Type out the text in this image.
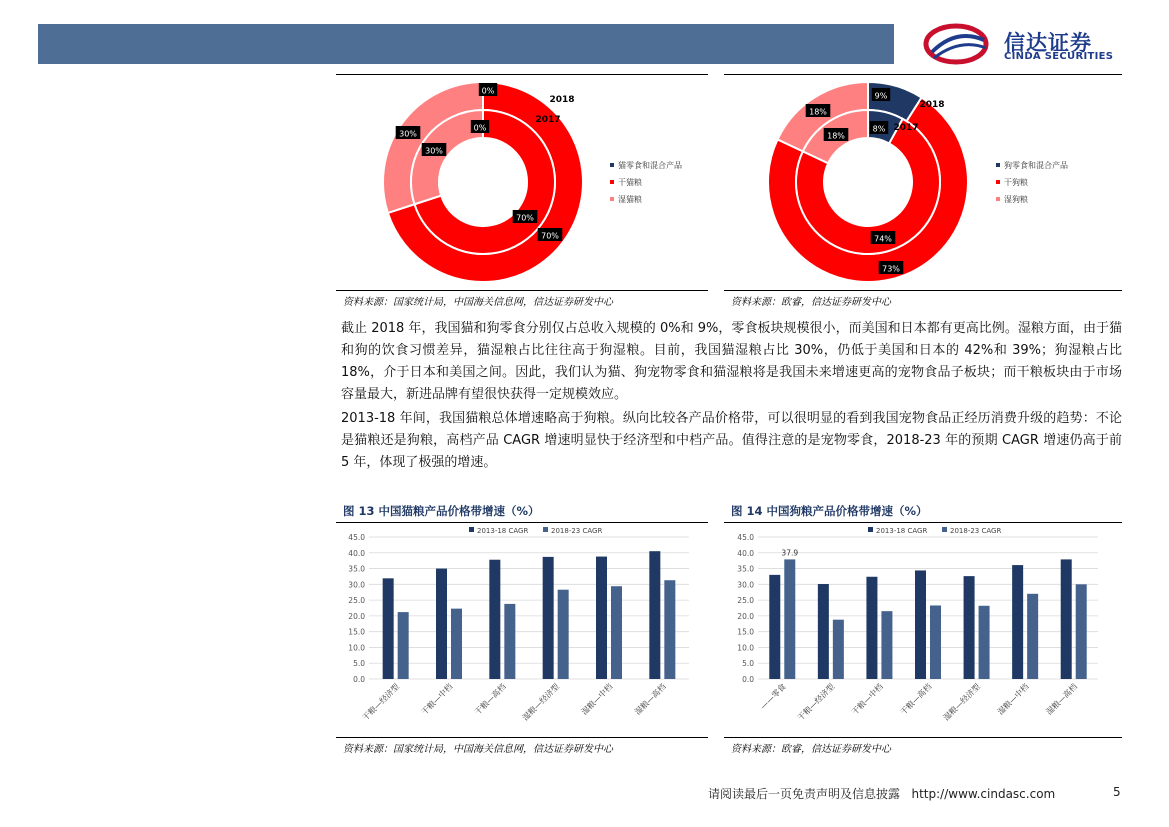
信达证券
CINDA SECURITIES
2018
2017
0%
70%
30%
0%
70%
30%
猫零食和混合产品
干猫粮
湿猫粮
资料来源：国家统计局，中国海关信息网，信达证券研发中心
2018
2017
9%
73%
18%
8%
74%
18%
狗零食和混合产品
干狗粮
湿狗粮
资料来源：欧睿，信达证券研发中心

截止 2018 年，我国猫和狗零食分别仅占总收入规模的 0%和 9%，零食板块规模很小，而美国和日本都有更高比例。湿粮方面，由于猫和狗的饮食习惯差异，猫湿粮占比往往高于狗湿粮。目前，我国猫湿粮占比 30%，仍低于美国和日本的 42%和 39%；狗湿粮占比 18%，介于日本和美国之间。因此，我们认为猫、狗宠物零食和猫湿粮将是我国未来增速更高的宠物食品子板块；而干粮板块由于市场容量最大，新进品牌有望很快获得一定规模效应。

2013-18 年间，我国猫粮总体增速略高于狗粮。纵向比较各产品价格带，可以很明显的看到我国宠物食品正经历消费升级的趋势：不论是猫粮还是狗粮，高档产品 CAGR 增速明显快于经济型和中档产品。值得注意的是宠物零食，2018-23 年的预期 CAGR 增速仍高于前 5 年，体现了极强的增速。

图 13 中国猫粮产品价格带增速（%）
0.0
5.0
10.0
15.0
20.0
25.0
30.0
35.0
40.0
45.0
2013-18 CAGR	2018-23 CAGR
干粮—经济型 干粮—中档 干粮—高档 湿粮—经济型 湿粮—中档 湿粮—高档
资料来源：国家统计局，中国海关信息网，信达证券研发中心
图 14 中国狗粮产品价格带增速（%）
0.0
5.0
10.0
15.0
20.0
25.0
30.0
35.0
40.0
45.0
2013-18 CAGR	2018-23 CAGR
——零食 干粮—经济型 干粮—中档 干粮—高档 湿粮—经济型 湿粮—中档 湿粮—高档
37.9
资料来源：欧睿，信达证券研发中心
请阅读最后一页免责声明及信息披露 http://www.cindasc.com	5
